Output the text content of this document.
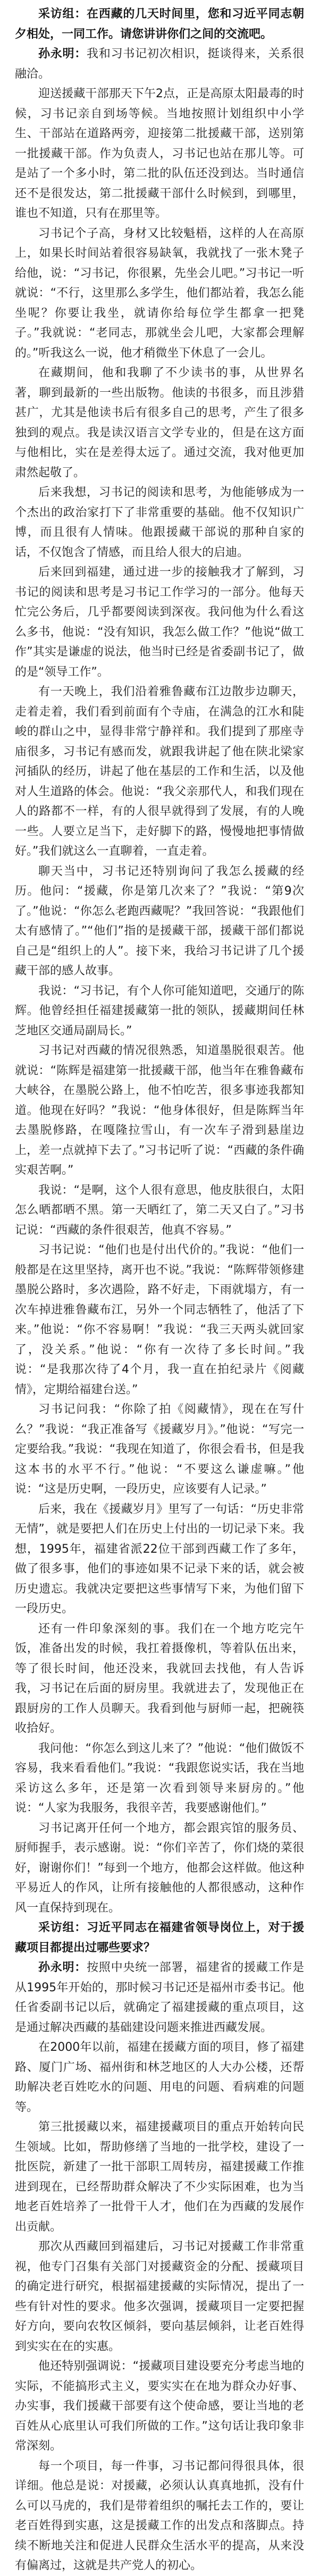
采访组：在西藏的几天时间里，您和习近平同志朝夕相处，一同工作。请您讲讲你们之间的交流吧。

孙永明：我和习书记初次相识，挺谈得来，关系很融洽。

迎送援藏干部那天下午2点，正是高原太阳最毒的时候，习书记亲自到场等候。当地按照计划组织中小学生、干部站在道路两旁，迎接第二批援藏干部，送别第一批援藏干部。作为负责人，习书记也站在那儿等。可是站了一个多小时，第二批的队伍还没到达。当时通信还不是很发达，第二批援藏干部什么时候到，到哪里，谁也不知道，只有在那里等。

习书记个子高，身材又比较魁梧，这样的人在高原上，如果长时间站着很容易缺氧，我就找了一张木凳子给他，说：“习书记，你很累，先坐会儿吧。”习书记一听就说：“不行，这里那么多学生，他们都站着，我怎么能坐呢？你要让我坐，就请你给每位学生都拿一把凳子。”我就说：“老同志，那就坐会儿吧，大家都会理解的。”听我这么一说，他才稍微坐下休息了一会儿。

在藏期间，他和我聊了不少读书的事，从世界名著，聊到最新的一些出版物。他读的书很多，而且涉猎甚广，尤其是他读书后有很多自己的思考，产生了很多独到的观点。我是读汉语言文学专业的，但是在这方面与他相比，实在是差得太远了。通过交流，我对他更加肃然起敬了。

后来我想，习书记的阅读和思考，为他能够成为一个杰出的政治家打下了非常重要的基础。他不仅知识广博，而且很有人情味。他跟援藏干部说的那种自家的话，不仅饱含了情感，而且给人很大的启迪。

后来回到福建，通过进一步的接触我才了解到，习书记的阅读和思考是习书记工作学习的一部分。他每天忙完公务后，几乎都要阅读到深夜。我问他为什么看这么多书，他说：“没有知识，我怎么做工作？”他说“做工作”其实是谦虚的说法，他当时已经是省委副书记了，做的是“领导工作”。

有一天晚上，我们沿着雅鲁藏布江边散步边聊天，走着走着，我们看到前面有个寺庙，在满急的江水和陡峻的群山之中，显得非常宁静祥和。我们提到了那座寺庙很多，习书记有感而发，就跟我讲起了他在陕北梁家河插队的经历，讲起了他在基层的工作和生活，以及他对人生道路的体会。他说：“我父亲那代人，和我们现在人的路都不一样，有的人很早就得到了发展，有的人晚一些。人要立足当下，走好脚下的路，慢慢地把事情做好。”我们就这么一直聊着，一直走着。

聊天当中，习书记还特别询问了我怎么援藏的经历。他问：“援藏，你是第几次来了？”我说：“第9次了。”他说：“你怎么老跑西藏呢？”我回答说：“我跟他们太有感情了。”“他们”指的是援藏干部，援藏干部们都说自己是“组织上的人”。接下来，我给习书记讲了几个援藏干部的感人故事。

我说：“习书记，有个人你可能知道吧，交通厅的陈辉。他曾经担任福建援藏第一批的领队，援藏期间任林芝地区交通局副局长。”

习书记对西藏的情况很熟悉，知道墨脱很艰苦。他就说：“陈辉是福建第一批援藏干部，他当年在雅鲁藏布大峡谷，在墨脱公路上，他不怕吃苦，很多事迹我都知道。他现在好吗？”我说：“他身体很好，但是陈辉当年去墨脱修路，在嘎隆拉雪山，有一次车子滑到悬崖边上，差一点就掉下去了。”习书记听了说：“西藏的条件确实艰苦啊。”

我说：“是啊，这个人很有意思，他皮肤很白，太阳怎么晒都晒不黑。第一天晒红了，第二天又白了。”习书记说：“西藏的条件很艰苦，他真不容易。”

习书记说：“他们也是付出代价的。”我说：“他们一般都是在这里坚持，离开也不说。”我说：“陈辉带领修建墨脱公路时，多次遇险，路不好走，下雨就塌方，有一次车掉进雅鲁藏布江，另外一个同志牺牲了，他活了下来。”他说：“你不容易啊！”我说：“我三天两头就回家了，没关系。”他说：“你有一次待了多长时间。”我说：“是我那次待了4个月，我一直在拍纪录片《阅藏情》，定期给福建台送。”

习书记问我：“你除了拍《阅藏情》，现在在写什么？”我说：“我正准备写《援藏岁月》。”他说：“写完一定要给我。”我说：“我现在知道了，你很会看书，但是我这本书的水平不行。”他说：“不要这么谦虚嘛。”他说：“这是历史啊，一段历史，应该要有人记录。”

后来，我在《援藏岁月》里写了一句话：“历史非常无情”，就是要把人们在历史上付出的一切记录下来。我想，1995年，福建省派22位干部到西藏工作了多年，做了很多事，他们的事迹如果不记录下来的话，就会被历史遗忘。我就决定要把这些事情写下来，为他们留下一段历史。

还有一件印象深刻的事。我们在一个地方吃完午饭，准备出发的时候，我扛着摄像机，等着队伍出来，等了很长时间，他还没来，我就回去找他，有人告诉我，习书记在后面的厨房里。我就进去了，发现他正在跟厨房的工作人员聊天。我看到他与厨师一起，把碗筷收拾好。

我问他：“你怎么到这儿来了？”他说：“他们做饭不容易，我来看看他们。”我说：“我跟您说实话，我在当地采访这么多年，还是第一次看到领导来厨房的。”他说：“人家为我服务，我很辛苦，我要感谢他们。”

习书记离开任何一个地方，都会跟宾馆的服务员、厨师握手，表示感谢。说：“你们辛苦了，你们烧的菜很好，谢谢你们！”每到一个地方，他都会这样做。他这种平易近人的作风，让所有接触他的人都很感动，这种作风一直保持到现在。

采访组：习近平同志在福建省领导岗位上，对于援藏项目都提出过哪些要求？

孙永明：按照中央统一部署，福建省的援藏工作是从1995年开始的，那时候习书记还是福州市委书记。他任省委副书记以后，就确定了福建援藏的重点项目，这是通过解决西藏的基础建设问题来推进西藏发展。

在2000年以前，福建在援藏方面的项目，修了福建路、厦门广场、福州街和林芝地区的人大办公楼，还帮助解决老百姓吃水的问题、用电的问题、看病难的问题等。

第三批援藏以来，福建援藏项目的重点开始转向民生领域。比如，帮助修缮了当地的一批学校，建设了一批医院，新建了一批干部职工周转房，福建援藏工作推进到现在，已经帮助群众解决了不少实际困难，也为当地老百姓培养了一批骨干人才，他们在为西藏的发展作出贡献。

那次从西藏回到福建后，习书记对援藏工作非常重视，他专门召集有关部门对援藏资金的分配、援藏项目的确定进行研究，根据福建援藏的实际情况，提出了一些有针对性的要求。他多次强调，援藏项目一定要把握好方向，要向农牧区倾斜，要向基层倾斜，让老百姓得到实实在在的实惠。

他还特别强调说：“援藏项目建设要充分考虑当地的实际，不能搞形式主义，要实实在在地为群众办好事、办实事，我们援藏干部要有这个使命感，要让当地的老百姓从心底里认可我们所做的工作。”这句话让我印象非常深刻。

每一个项目，每一件事，习书记都问得很具体，很详细。他总是说：对援藏，必须认认真真地抓，没有什么可以马虎的，我们是带着组织的嘱托去工作的，要让老百姓得到实惠，这是援藏工作的出发点和落脚点。持续不断地关注和促进人民群众生活水平的提高，从来没有偏离过，这就是共产党人的初心。
